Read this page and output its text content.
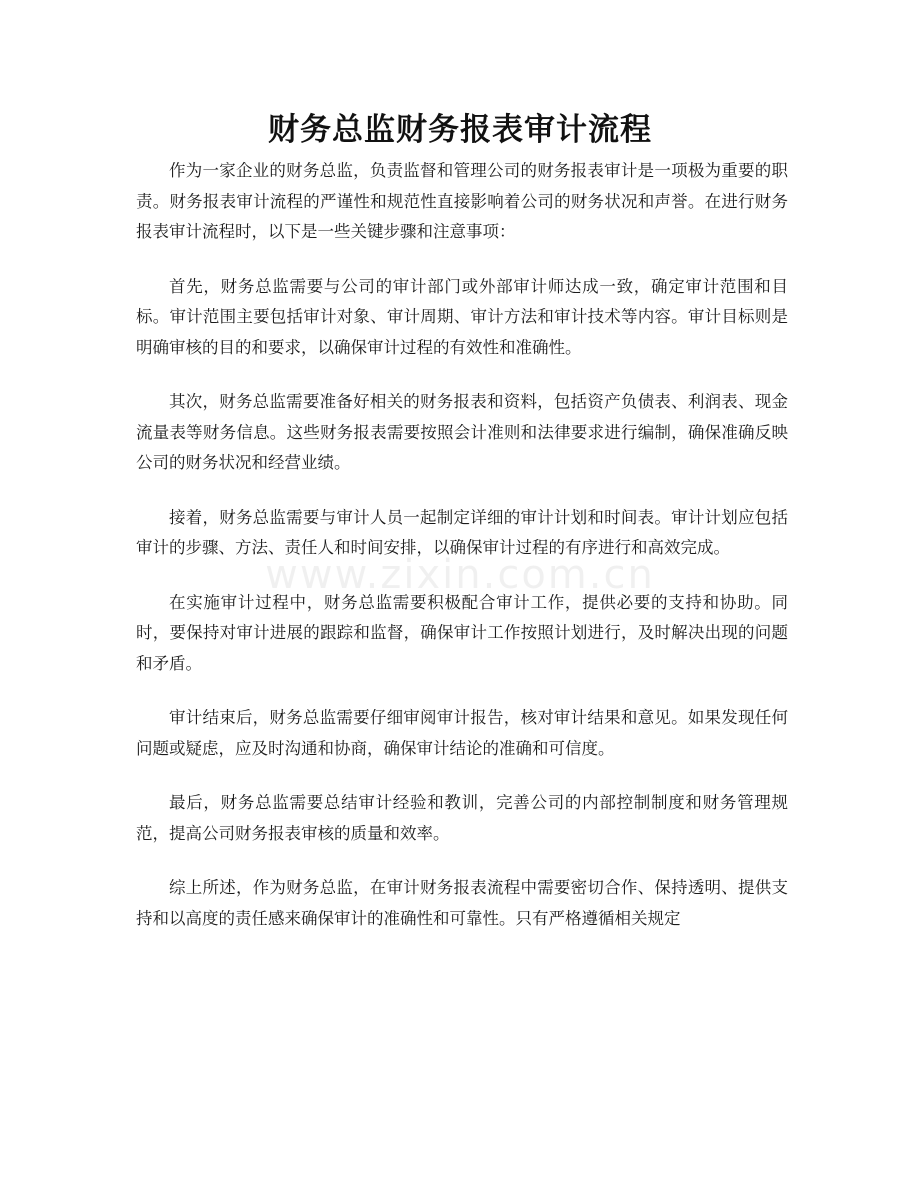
www.zixin.com.cn
财务总监财务报表审计流程

作为一家企业的财务总监，负责监督和管理公司的财务报表审计是一项极为重要的职责。财务报表审计流程的严谨性和规范性直接影响着公司的财务状况和声誉。在进行财务报表审计流程时，以下是一些关键步骤和注意事项：

首先，财务总监需要与公司的审计部门或外部审计师达成一致，确定审计范围和目标。审计范围主要包括审计对象、审计周期、审计方法和审计技术等内容。审计目标则是明确审核的目的和要求，以确保审计过程的有效性和准确性。

其次，财务总监需要准备好相关的财务报表和资料，包括资产负债表、利润表、现金流量表等财务信息。这些财务报表需要按照会计准则和法律要求进行编制，确保准确反映公司的财务状况和经营业绩。

接着，财务总监需要与审计人员一起制定详细的审计计划和时间表。审计计划应包括审计的步骤、方法、责任人和时间安排，以确保审计过程的有序进行和高效完成。

在实施审计过程中，财务总监需要积极配合审计工作，提供必要的支持和协助。同时，要保持对审计进展的跟踪和监督，确保审计工作按照计划进行，及时解决出现的问题和矛盾。

审计结束后，财务总监需要仔细审阅审计报告，核对审计结果和意见。如果发现任何问题或疑虑，应及时沟通和协商，确保审计结论的准确和可信度。

最后，财务总监需要总结审计经验和教训，完善公司的内部控制制度和财务管理规范，提高公司财务报表审核的质量和效率。

综上所述，作为财务总监，在审计财务报表流程中需要密切合作、保持透明、提供支持和以高度的责任感来确保审计的准确性和可靠性。只有严格遵循相关规定
